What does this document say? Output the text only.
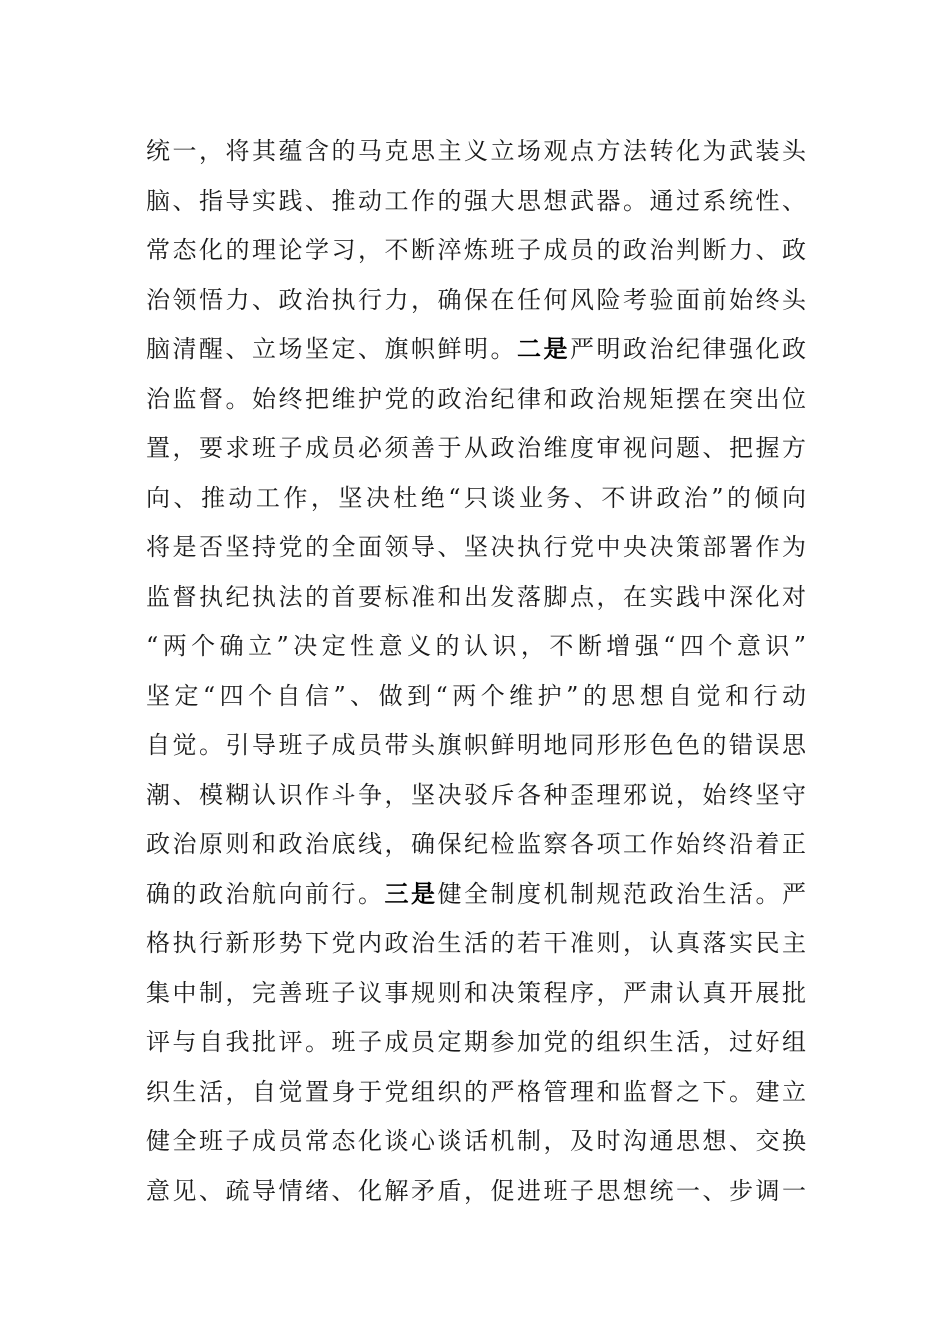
统一，将其蕴含的马克思主义立场观点方法转化为武装头
脑、指导实践、推动工作的强大思想武器。通过系统性、
常态化的理论学习，不断淬炼班子成员的政治判断力、政
治领悟力、政治执行力，确保在任何风险考验面前始终头
脑清醒、立场坚定、旗帜鲜明。二是严明政治纪律强化政
治监督。始终把维护党的政治纪律和政治规矩摆在突出位
置，要求班子成员必须善于从政治维度审视问题、把握方
向、推动工作，坚决杜绝“只谈业务、不讲政治”的倾向
将是否坚持党的全面领导、坚决执行党中央决策部署作为
监督执纪执法的首要标准和出发落脚点，在实践中深化对
“两个确立”决定性意义的认识，不断增强“四个意识”
坚定“四个自信”、做到“两个维护”的思想自觉和行动
自觉。引导班子成员带头旗帜鲜明地同形形色色的错误思
潮、模糊认识作斗争，坚决驳斥各种歪理邪说，始终坚守
政治原则和政治底线，确保纪检监察各项工作始终沿着正
确的政治航向前行。三是健全制度机制规范政治生活。严
格执行新形势下党内政治生活的若干准则，认真落实民主
集中制，完善班子议事规则和决策程序，严肃认真开展批
评与自我批评。班子成员定期参加党的组织生活，过好组
织生活，自觉置身于党组织的严格管理和监督之下。建立
健全班子成员常态化谈心谈话机制，及时沟通思想、交换
意见、疏导情绪、化解矛盾，促进班子思想统一、步调一
